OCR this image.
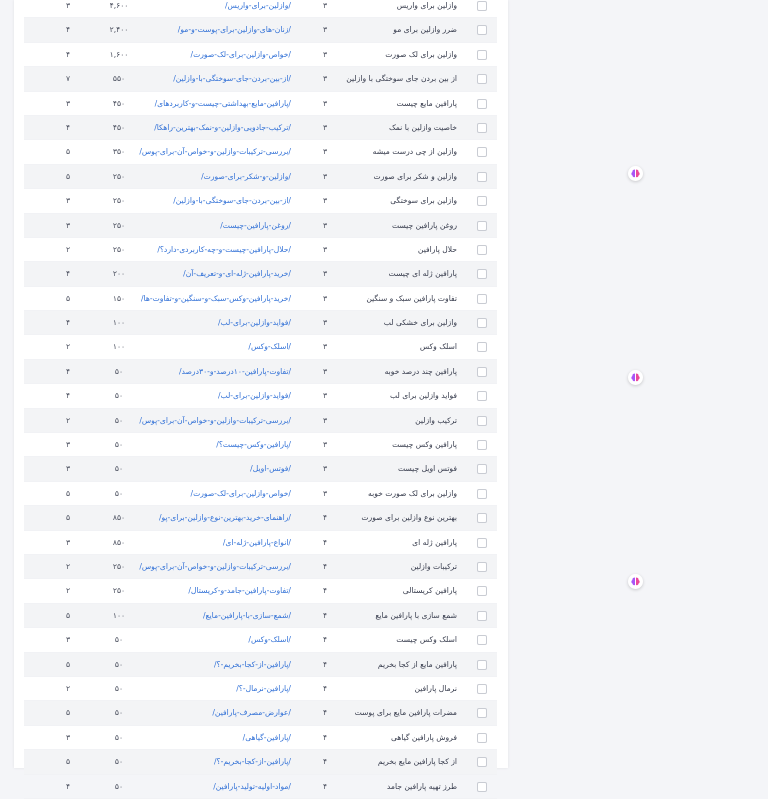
وازلین برای واریس
۳
/وازلین-برای-واریس/
۴,۶۰۰
۳
ضرر وازلین برای مو
۳
/زنان-های-وازلین-برای-پوست-و-مو/
۲,۴۰۰
۴
وازلین برای لک صورت
۳
/خواص-وازلین-برای-لک-صورت/
۱,۶۰۰
۴
از بین بردن جای سوختگی با وازلین
۳
/از-بین-بردن-جای-سوختگی-با-وازلین/
۵۵۰
۷
پارافین مایع چیست
۳
/پارافین-مایع-بهداشتی-چیست-و-کاربردهای/
۴۵۰
۳
خاصیت وازلین با نمک
۳
/ترکیب-جادویی-وازلین-و-نمک-بهترین-راهکا/
۴۵۰
۴
وازلین از چی درست میشه
۳
/بررسی-ترکیبات-وازلین-و-خواص-آن-برای-پوس/
۳۵۰
۵
وازلین و شکر برای صورت
۳
/وازلین-و-شکر-برای-صورت/
۲۵۰
۵
وازلین برای سوختگی
۳
/از-بین-بردن-جای-سوختگی-با-وازلین/
۲۵۰
۳
روغن پارافین چیست
۳
/روغن-پارافین-چیست/
۲۵۰
۳
حلال پارافین
۳
/حلال-پارافین-چیست-و-چه-کاربردی-دارد؟/
۲۵۰
۲
پارافین ژله ای چیست
۳
/خرید-پارافین-ژله-ای-و-تعریف-آن/
۲۰۰
۴
تفاوت پارافین سبک و سنگین
۳
/خرید-پارافین-وکس-سبک-و-سنگین-و-تفاوت-ها/
۱۵۰
۵
وازلین برای خشکی لب
۳
/فواید-وازلین-برای-لب/
۱۰۰
۴
اسلک وکس
۳
/اسلک-وکس/
۱۰۰
۲
پارافین چند درصد خوبه
۳
/تفاوت-پارافین-۱۰درصد-و-۳۰درصد/
۵۰
۴
فواید وازلین برای لب
۳
/فواید-وازلین-برای-لب/
۵۰
۴
ترکیب وازلین
۳
/بررسی-ترکیبات-وازلین-و-خواص-آن-برای-پوس/
۵۰
۲
پارافین وکس چیست
۳
/پارافین-وکس-چیست؟/
۵۰
۳
فوتس اویل چیست
۳
/فوتس-اویل/
۵۰
۳
وازلین برای لک صورت خوبه
۳
/خواص-وازلین-برای-لک-صورت/
۵۰
۵
بهترین نوع وازلین برای صورت
۴
/راهنمای-خرید-بهترین-نوع-وازلین-برای-پو/
۸۵۰
۵
پارافین ژله ای
۴
/انواع-پارافین-ژله-ای/
۸۵۰
۳
ترکیبات وازلین
۴
/بررسی-ترکیبات-وازلین-و-خواص-آن-برای-پوس/
۲۵۰
۲
پارافین کریستالی
۴
/تفاوت-پارافین-جامد-و-کریستال/
۲۵۰
۲
شمع سازی با پارافین مایع
۴
/شمع-سازی-با-پارافین-مایع/
۱۰۰
۵
اسلک وکس چیست
۴
/اسلک-وکس/
۵۰
۳
پارافین مایع از کجا بخریم
۴
/پارافین-از-کجا-بخریم-؟/
۵۰
۵
نرمال پارافین
۴
/پارافین-نرمال-؟/
۵۰
۲
مضرات پارافین مایع برای پوست
۴
/عوارض-مصرف-پارافین/
۵۰
۵
فروش پارافین گیاهی
۴
/پارافین-گیاهی/
۵۰
۳
از کجا پارافین مایع بخریم
۴
/پارافین-از-کجا-بخریم-؟/
۵۰
۵
طرز تهیه پارافین جامد
۴
/مواد-اولیه-تولید-پارافین/
۵۰
۴
